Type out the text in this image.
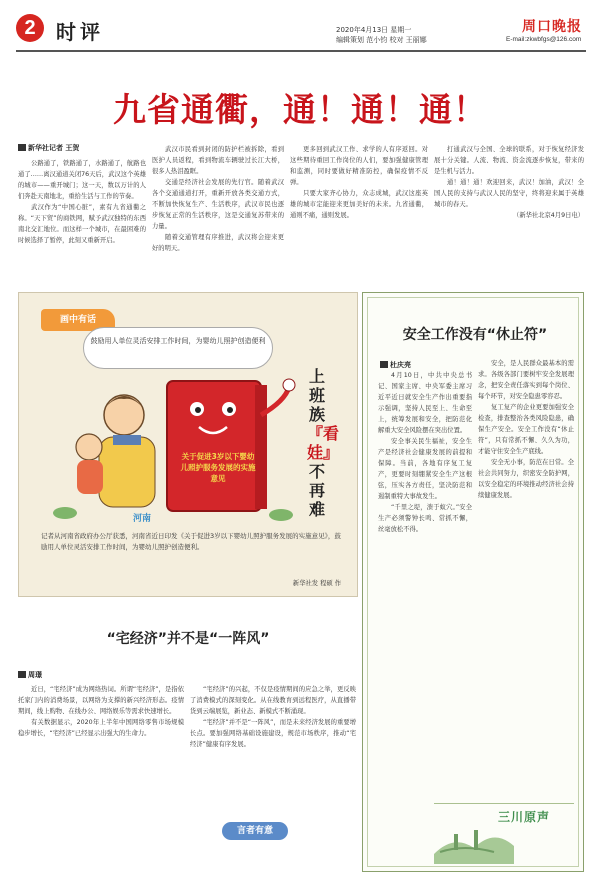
2	时评	2020年4月13日 星期一
编辑策划 范小钧 校对 王丽娜
周口晚报
E-mail:zkwbfgs@126.com
九省通衢，通！通！通！
新华社记者 王贺

公路通了，铁路通了，水路通了，航路也通了……离汉通道关闭76天后，武汉这个英雄的城市——重开城门；这一天，数以万计的人们奔赴天南地北，重拾生活与工作的节奏。

武汉作为“中国心脏”，素有九省通衢之称。“天下贸”的商铁网，赋予武汉独特的东西南北交汇地位。而这样一个城市，在最困难的时候选择了暂停，此刻又重新开启。

武汉市民看到封闭的防护栏被拆除，看到医护人员返程，看到物流车辆驶过长江大桥，很多人热泪盈眶。

交通是经济社会发展的先行官。随着武汉各个交通通道打开，重新开放各类交通方式，不断加快恢复生产、生活秩序，武汉市民也逐步恢复正常的生活秩序，这是交通复苏带来的力量。

随着交通管理有序推进，武汉将会迎来更好的明天。

更多回到武汉工作、求学的人有序返回。对这些期待重回工作岗位的人们，要加强健康管理和监测，同时要做好精准防控，确保疫情不反弹。

只要大家齐心协力，众志成城，武汉这座英雄的城市定能迎来更加美好的未来。九省通衢，通则不痛，通则发展。

打通武汉与全国、全球的联系，对于恢复经济发展十分关键。人流、物流、资金流逐步恢复，带来的是生机与活力。

通！通！通！欢迎回来，武汉！加油，武汉！全国人民的支持与武汉人民的坚守，终将迎来属于英雄城市的春天。

（新华社北京4月9日电）

画中有话
鼓励用人单位灵活安排工作时间，为婴幼儿照护创造便利
关于促进3岁以下婴幼儿照护服务发展的实施意见
河南
上班族
『看娃』
不再难
记者从河南省政府办公厅获悉，河南省近日印发《关于促进3岁以下婴幼儿照护服务发展的实施意见》，鼓励用人单位灵活安排工作时间，为婴幼儿照护创造便利。
新华社发 程硕 作
安全工作没有“休止符”
杜庆亮

4月10日，中共中央总书记、国家主席、中央军委主席习近平近日就安全生产作出重要指示强调，坚持人民至上、生命至上，统筹发展和安全，把防范化解重大安全风险摆在突出位置。

安全事关民生福祉，安全生产是经济社会健康发展的前提和保障。当前，各地有序复工复产，更要时刻绷紧安全生产这根弦，压实各方责任，坚决防范和遏制重特大事故发生。

“千里之堤，溃于蚁穴。”安全生产必须警钟长鸣、常抓不懈，丝毫放松不得。

安全，是人民群众最基本的需求。各级各部门要树牢安全发展理念，把安全责任落实到每个岗位、每个环节，对安全隐患零容忍。

复工复产的企业更要加强安全检查，排查整治各类风险隐患，确保生产安全。安全工作没有“休止符”，只有常抓不懈、久久为功，才能守住安全生产底线。

安全无小事，防范在日常。全社会共同努力，织密安全防护网，以安全稳定的环境推动经济社会持续健康发展。

三川原声
“宅经济”并不是“一阵风”
周璟

近日，“宅经济”成为网络热词。所谓“宅经济”，是指依托家门内的消费场景，以网络为支撑的新兴经济形态。疫情期间，线上购物、在线办公、网络娱乐等需求快速增长。

有关数据显示，2020年上半年中国网络零售市场规模稳步增长，“宅经济”已经显示出强大的生命力。

“宅经济”的兴起，不仅是疫情期间的应急之举，更反映了消费模式的深刻变化。从在线教育到远程医疗，从直播带货到云端展览，新业态、新模式不断涌现。

“宅经济”并不是“一阵风”，而是未来经济发展的重要增长点。要加强网络基础设施建设，规范市场秩序，推动“宅经济”健康有序发展。

言者有意
